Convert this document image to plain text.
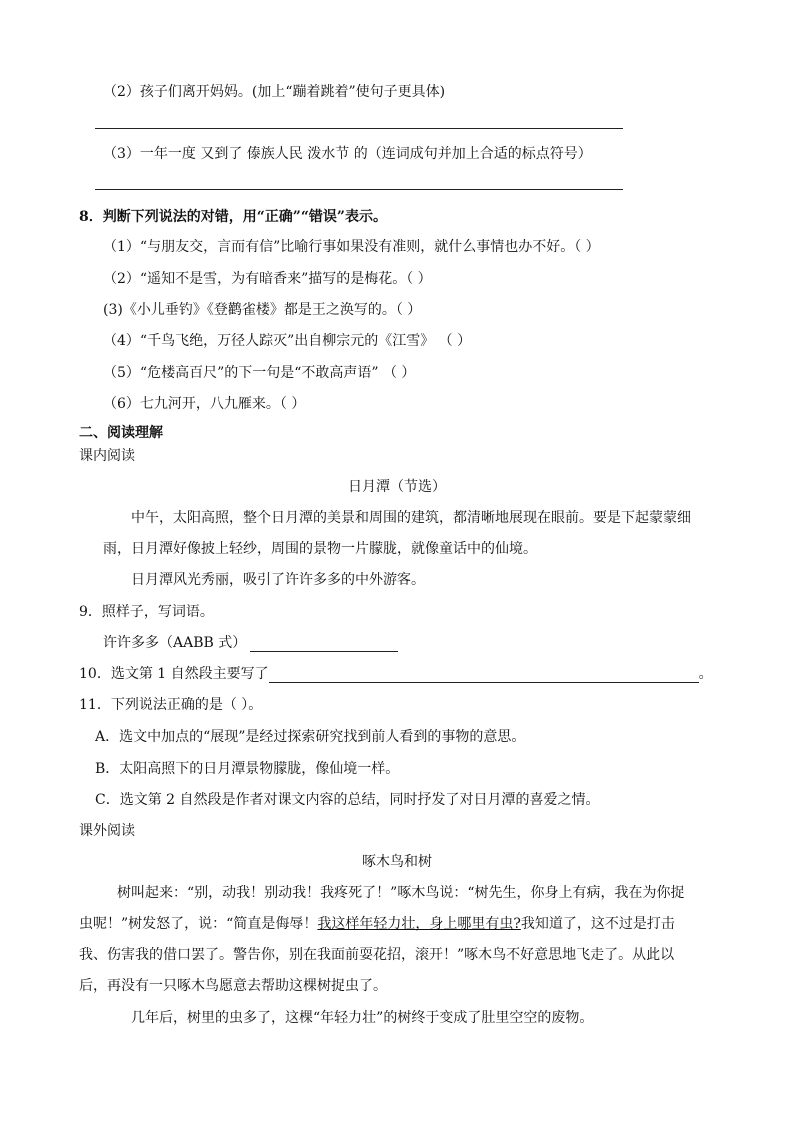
（2）孩子们离开妈妈。(加上“蹦着跳着”使句子更具体)
（3）一年一度 又到了 傣族人民 泼水节 的（连词成句并加上合适的标点符号）
8．判断下列说法的对错，用“正确”“错误”表示。
（1）“与朋友交，言而有信”比喻行事如果没有准则，就什么事情也办不好。（ ）
（2）“遥知不是雪，为有暗香来”描写的是梅花。（ ）
(3)《小儿垂钓》《登鹳雀楼》都是王之涣写的。（ ）
（4）“千鸟飞绝，万径人踪灭”出自柳宗元的《江雪》 （ ）
（5）“危楼高百尺”的下一句是“不敢高声语” （ ）
（6）七九河开，八九雁来。（ ）
二、阅读理解
课内阅读
日月潭（节选）
中午，太阳高照，整个日月潭的美景和周围的建筑，都清晰地展现在眼前。要是下起蒙蒙细
雨，日月潭好像披上轻纱，周围的景物一片朦胧，就像童话中的仙境。
日月潭风光秀丽，吸引了许许多多的中外游客。
9．照样子，写词语。
许许多多（AABB 式）
10．选文第 1 自然段主要写了	。
11．下列说法正确的是（ ）。
A．选文中加点的“展现”是经过探索研究找到前人看到的事物的意思。
B．太阳高照下的日月潭景物朦胧，像仙境一样。
C．选文第 2 自然段是作者对课文内容的总结，同时抒发了对日月潭的喜爱之情。
课外阅读
啄木鸟和树
树叫起来：“别，动我！别动我！我疼死了！”啄木鸟说：“树先生，你身上有病，我在为你捉
虫呢！”树发怒了，说：“简直是侮辱！我这样年轻力壮，身上哪里有虫?我知道了，这不过是打击
我、伤害我的借口罢了。警告你，别在我面前耍花招，滚开！”啄木鸟不好意思地飞走了。从此以
后，再没有一只啄木鸟愿意去帮助这棵树捉虫了。
几年后，树里的虫多了，这棵“年轻力壮”的树终于变成了肚里空空的废物。
